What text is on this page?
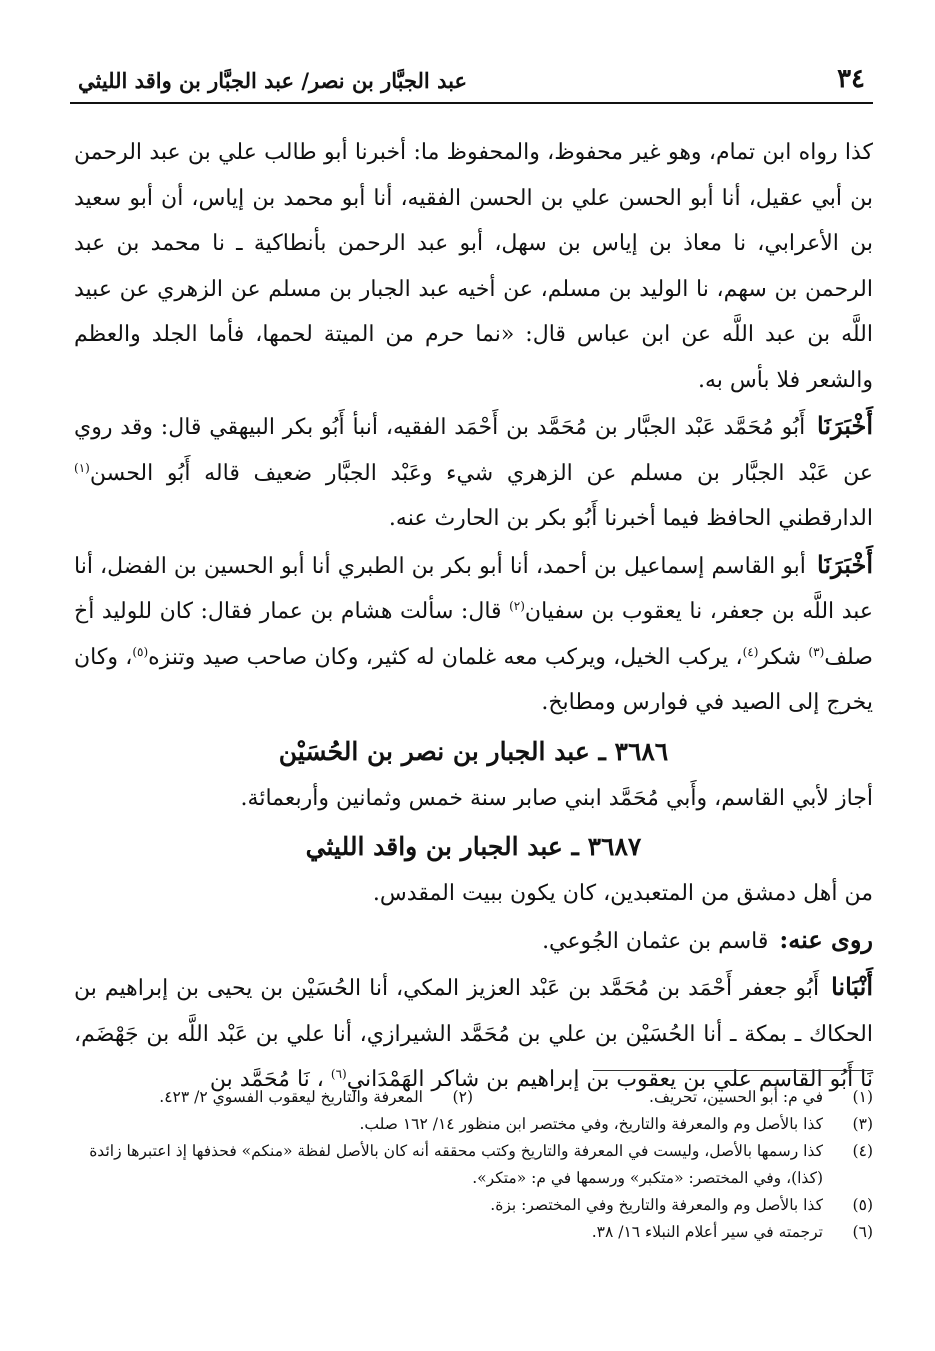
٣٤
عبد الجبَّار بن نصر/ عبد الجبَّار بن واقد الليثي

كذا رواه ابن تمام، وهو غير محفوظ، والمحفوظ ما: أخبرنا أبو طالب علي بن عبد الرحمن بن أبي عقيل، أنا أبو الحسن علي بن الحسن الفقيه، أنا أبو محمد بن إياس، أن أبو سعيد بن الأعرابي، نا معاذ بن إياس بن سهل، أبو عبد الرحمن بأنطاكية ـ نا محمد بن عبد الرحمن بن سهم، نا الوليد بن مسلم، عن أخيه عبد الجبار بن مسلم عن الزهري عن عبيد اللَّه بن عبد اللَّه عن ابن عباس قال: «نما حرم من الميتة لحمها، فأما الجلد والعظم والشعر فلا بأس به.

أَخْبَرَنَا أَبُو مُحَمَّد عَبْد الجبَّار بن مُحَمَّد بن أَحْمَد الفقيه، أنبأ أَبُو بكر البيهقي قال: وقد روي عن عَبْد الجبَّار بن مسلم عن الزهري شيء وعَبْد الجبَّار ضعيف قاله أَبُو الحسن$^{(١)}$ الدارقطني الحافظ فيما أخبرنا أَبُو بكر بن الحارث عنه.

أَخْبَرَنَا أبو القاسم إسماعيل بن أحمد، أنا أبو بكر بن الطبري أنا أبو الحسين بن الفضل، أنا عبد اللَّه بن جعفر، نا يعقوب بن سفيان$^{(٢)}$ قال: سألت هشام بن عمار فقال: كان للوليد أخ صلف$^{(٣)}$ شكر$^{(٤)}$، يركب الخيل، ويركب معه غلمان له كثير، وكان صاحب صيد وتنزه$^{(٥)}$، وكان يخرج إلى الصيد في فوارس ومطابخ.

٣٦٨٦ ـ عبد الجبار بن نصر بن الحُسَيْن

أجاز لأبي القاسم، وأَبي مُحَمَّد ابني صابر سنة خمس وثمانين وأربعمائة.

٣٦٨٧ ـ عبد الجبار بن واقد الليثي

من أهل دمشق من المتعبدين، كان يكون ببيت المقدس.

روى عنه: قاسم بن عثمان الجُوعي.

أَنْبَانا أَبُو جعفر أَحْمَد بن مُحَمَّد بن عَبْد العزيز المكي، أنا الحُسَيْن بن يحيى بن إبراهيم بن الحكاك ـ بمكة ـ أنا الحُسَيْن بن علي بن مُحَمَّد الشيرازي، أنا علي بن عَبْد اللَّه بن جَهْضَم، نَا أَبُو القاسم علي بن يعقوب بن إبراهيم بن شاكر الهَمْدَاني$^{(٦)}$ ، نَا مُحَمَّد بن

(١)
في م: أبو الحسين، تحريف.
(٢)
المعرفة والتاريخ ليعقوب الفسوي ٢/ ٤٢٣.
(٣)
كذا بالأصل وم والمعرفة والتاريخ، وفي مختصر ابن منظور ١٤/ ١٦٢ صلب.
(٤)
كذا رسمها بالأصل، وليست في المعرفة والتاريخ وكتب محققه أنه كان بالأصل لفظة «منكم» فحذفها إذ اعتبرها زائدة (كذا)، وفي المختصر: «متكبر» ورسمها في م: «متكر».
(٥)
كذا بالأصل وم والمعرفة والتاريخ وفي المختصر: بزة.
(٦)
ترجمته في سير أعلام النبلاء ١٦/ ٣٨.
